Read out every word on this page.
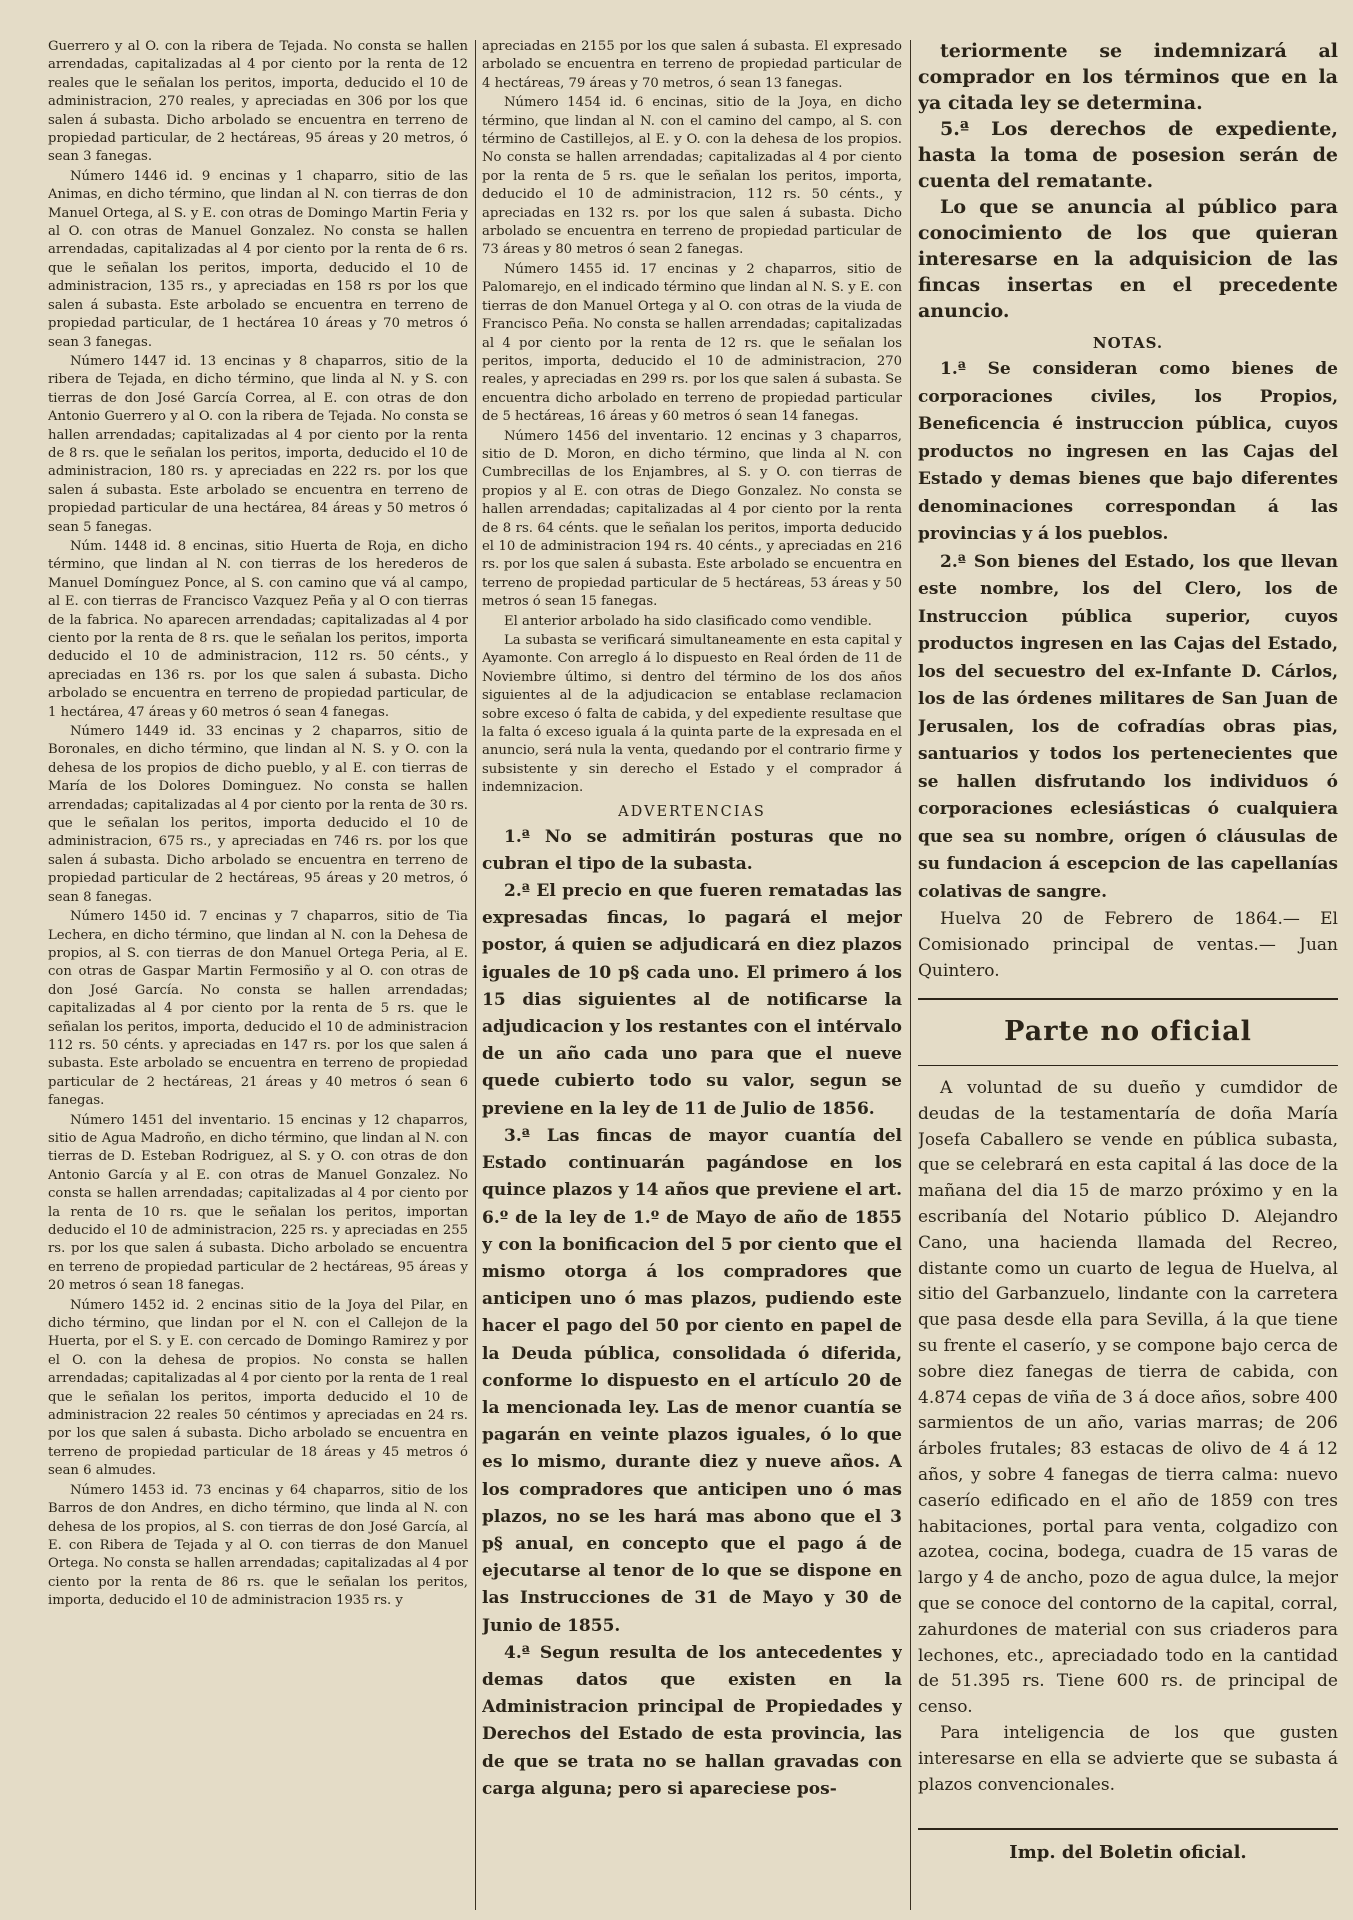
Guerrero y al O. con la ribera de Tejada. No consta se hallen arrendadas, capitalizadas al 4 por ciento por la renta de 12 reales que le señalan los peritos, importa, deducido el 10 de administracion, 270 reales, y apreciadas en 306 por los que salen á subasta. Dicho arbolado se encuentra en terreno de propiedad particular, de 2 hectáreas, 95 áreas y 20 metros, ó sean 3 fanegas.

Número 1446 id. 9 encinas y 1 chaparro, sitio de las Animas, en dicho término, que lindan al N. con tierras de don Manuel Ortega, al S. y E. con otras de Domingo Martin Feria y al O. con otras de Manuel Gonzalez. No consta se hallen arrendadas, capitalizadas al 4 por ciento por la renta de 6 rs. que le señalan los peritos, importa, deducido el 10 de administracion, 135 rs., y apreciadas en 158 rs por los que salen á subasta. Este arbolado se encuentra en terreno de propiedad particular, de 1 hectárea 10 áreas y 70 metros ó sean 3 fanegas.

Número 1447 id. 13 encinas y 8 chaparros, sitio de la ribera de Tejada, en dicho término, que linda al N. y S. con tierras de don José García Correa, al E. con otras de don Antonio Guerrero y al O. con la ribera de Tejada. No consta se hallen arrendadas; capitalizadas al 4 por ciento por la renta de 8 rs. que le señalan los peritos, importa, deducido el 10 de administracion, 180 rs. y apreciadas en 222 rs. por los que salen á subasta. Este arbolado se encuentra en terreno de propiedad particular de una hectárea, 84 áreas y 50 metros ó sean 5 fanegas.

Núm. 1448 id. 8 encinas, sitio Huerta de Roja, en dicho término, que lindan al N. con tierras de los herederos de Manuel Domínguez Ponce, al S. con camino que vá al campo, al E. con tierras de Francisco Vazquez Peña y al O con tierras de la fabrica. No aparecen arrendadas; capitalizadas al 4 por ciento por la renta de 8 rs. que le señalan los peritos, importa deducido el 10 de administracion, 112 rs. 50 cénts., y apreciadas en 136 rs. por los que salen á subasta. Dicho arbolado se encuentra en terreno de propiedad particular, de 1 hectárea, 47 áreas y 60 metros ó sean 4 fanegas.

Número 1449 id. 33 encinas y 2 chaparros, sitio de Boronales, en dicho término, que lindan al N. S. y O. con la dehesa de los propios de dicho pueblo, y al E. con tierras de María de los Dolores Dominguez. No consta se hallen arrendadas; capitalizadas al 4 por ciento por la renta de 30 rs. que le señalan los peritos, importa deducido el 10 de administracion, 675 rs., y apreciadas en 746 rs. por los que salen á subasta. Dicho arbolado se encuentra en terreno de propiedad particular de 2 hectáreas, 95 áreas y 20 metros, ó sean 8 fanegas.

Número 1450 id. 7 encinas y 7 chaparros, sitio de Tia Lechera, en dicho término, que lindan al N. con la Dehesa de propios, al S. con tierras de don Manuel Ortega Peria, al E. con otras de Gaspar Martin Fermosiño y al O. con otras de don José García. No consta se hallen arrendadas; capitalizadas al 4 por ciento por la renta de 5 rs. que le señalan los peritos, importa, deducido el 10 de administracion 112 rs. 50 cénts. y apreciadas en 147 rs. por los que salen á subasta. Este arbolado se encuentra en terreno de propiedad particular de 2 hectáreas, 21 áreas y 40 metros ó sean 6 fanegas.

Número 1451 del inventario. 15 encinas y 12 chaparros, sitio de Agua Madroño, en dicho término, que lindan al N. con tierras de D. Esteban Rodriguez, al S. y O. con otras de don Antonio García y al E. con otras de Manuel Gonzalez. No consta se hallen arrendadas; capitalizadas al 4 por ciento por la renta de 10 rs. que le señalan los peritos, importan deducido el 10 de administracion, 225 rs. y apreciadas en 255 rs. por los que salen á subasta. Dicho arbolado se encuentra en terreno de propiedad particular de 2 hectáreas, 95 áreas y 20 metros ó sean 18 fanegas.

Número 1452 id. 2 encinas sitio de la Joya del Pilar, en dicho término, que lindan por el N. con el Callejon de la Huerta, por el S. y E. con cercado de Domingo Ramirez y por el O. con la dehesa de propios. No consta se hallen arrendadas; capitalizadas al 4 por ciento por la renta de 1 real que le señalan los peritos, importa deducido el 10 de administracion 22 reales 50 céntimos y apreciadas en 24 rs. por los que salen á subasta. Dicho arbolado se encuentra en terreno de propiedad particular de 18 áreas y 45 metros ó sean 6 almudes.

Número 1453 id. 73 encinas y 64 chaparros, sitio de los Barros de don Andres, en dicho término, que linda al N. con dehesa de los propios, al S. con tierras de don José García, al E. con Ribera de Tejada y al O. con tierras de don Manuel Ortega. No consta se hallen arrendadas; capitalizadas al 4 por ciento por la renta de 86 rs. que le señalan los peritos, importa, deducido el 10 de administracion 1935 rs. y

apreciadas en 2155 por los que salen á subasta. El expresado arbolado se encuentra en terreno de propiedad particular de 4 hectáreas, 79 áreas y 70 metros, ó sean 13 fanegas.

Número 1454 id. 6 encinas, sitio de la Joya, en dicho término, que lindan al N. con el camino del campo, al S. con término de Castillejos, al E. y O. con la dehesa de los propios. No consta se hallen arrendadas; capitalizadas al 4 por ciento por la renta de 5 rs. que le señalan los peritos, importa, deducido el 10 de administracion, 112 rs. 50 cénts., y apreciadas en 132 rs. por los que salen á subasta. Dicho arbolado se encuentra en terreno de propiedad particular de 73 áreas y 80 metros ó sean 2 fanegas.

Número 1455 id. 17 encinas y 2 chaparros, sitio de Palomarejo, en el indicado término que lindan al N. S. y E. con tierras de don Manuel Ortega y al O. con otras de la viuda de Francisco Peña. No consta se hallen arrendadas; capitalizadas al 4 por ciento por la renta de 12 rs. que le señalan los peritos, importa, deducido el 10 de administracion, 270 reales, y apreciadas en 299 rs. por los que salen á subasta. Se encuentra dicho arbolado en terreno de propiedad particular de 5 hectáreas, 16 áreas y 60 metros ó sean 14 fanegas.

Número 1456 del inventario. 12 encinas y 3 chaparros, sitio de D. Moron, en dicho término, que linda al N. con Cumbrecillas de los Enjambres, al S. y O. con tierras de propios y al E. con otras de Diego Gonzalez. No consta se hallen arrendadas; capitalizadas al 4 por ciento por la renta de 8 rs. 64 cénts. que le señalan los peritos, importa deducido el 10 de administracion 194 rs. 40 cénts., y apreciadas en 216 rs. por los que salen á subasta. Este arbolado se encuentra en terreno de propiedad particular de 5 hectáreas, 53 áreas y 50 metros ó sean 15 fanegas.

El anterior arbolado ha sido clasificado como vendible.

La subasta se verificará simultaneamente en esta capital y Ayamonte. Con arreglo á lo dispuesto en Real órden de 11 de Noviembre último, si dentro del término de los dos años siguientes al de la adjudicacion se entablase reclamacion sobre exceso ó falta de cabida, y del expediente resultase que la falta ó exceso iguala á la quinta parte de la expresada en el anuncio, será nula la venta, quedando por el contrario firme y subsistente y sin derecho el Estado y el comprador á indemnizacion.

ADVERTENCIAS

1.ª No se admitirán posturas que no cubran el tipo de la subasta.

2.ª El precio en que fueren rematadas las expresadas fincas, lo pagará el mejor postor, á quien se adjudicará en diez plazos iguales de 10 p§ cada uno. El primero á los 15 dias siguientes al de notificarse la adjudicacion y los restantes con el intérvalo de un año cada uno para que el nueve quede cubierto todo su valor, segun se previene en la ley de 11 de Julio de 1856.

3.ª Las fincas de mayor cuantía del Estado continuarán pagándose en los quince plazos y 14 años que previene el art. 6.º de la ley de 1.º de Mayo de año de 1855 y con la bonificacion del 5 por ciento que el mismo otorga á los compradores que anticipen uno ó mas plazos, pudiendo este hacer el pago del 50 por ciento en papel de la Deuda pública, consolidada ó diferida, conforme lo dispuesto en el artículo 20 de la mencionada ley. Las de menor cuantía se pagarán en veinte plazos iguales, ó lo que es lo mismo, durante diez y nueve años. A los compradores que anticipen uno ó mas plazos, no se les hará mas abono que el 3 p§ anual, en concepto que el pago á de ejecutarse al tenor de lo que se dispone en las Instrucciones de 31 de Mayo y 30 de Junio de 1855.

4.ª Segun resulta de los antecedentes y demas datos que existen en la Administracion principal de Propiedades y Derechos del Estado de esta provincia, las de que se trata no se hallan gravadas con carga alguna; pero si apareciese pos-

teriormente se indemnizará al comprador en los términos que en la ya citada ley se determina.

5.ª Los derechos de expediente, hasta la toma de posesion serán de cuenta del rematante.

Lo que se anuncia al público para conocimiento de los que quieran interesarse en la adquisicion de las fincas insertas en el precedente anuncio.

NOTAS.

1.ª Se consideran como bienes de corporaciones civiles, los Propios, Beneficencia é instruccion pública, cuyos productos no ingresen en las Cajas del Estado y demas bienes que bajo diferentes denominaciones correspondan á las provincias y á los pueblos.

2.ª Son bienes del Estado, los que llevan este nombre, los del Clero, los de Instruccion pública superior, cuyos productos ingresen en las Cajas del Estado, los del secuestro del ex-Infante D. Cárlos, los de las órdenes militares de San Juan de Jerusalen, los de cofradías obras pias, santuarios y todos los pertenecientes que se hallen disfrutando los individuos ó corporaciones eclesiásticas ó cualquiera que sea su nombre, orígen ó cláusulas de su fundacion á escepcion de las capellanías colativas de sangre.

Huelva 20 de Febrero de 1864.— El Comisionado principal de ventas.— Juan Quintero.

Parte no oficial

A voluntad de su dueño y cumdidor de deudas de la testamentaría de doña María Josefa Caballero se vende en pública subasta, que se celebrará en esta capital á las doce de la mañana del dia 15 de marzo próximo y en la escribanía del Notario público D. Alejandro Cano, una hacienda llamada del Recreo, distante como un cuarto de legua de Huelva, al sitio del Garbanzuelo, lindante con la carretera que pasa desde ella para Sevilla, á la que tiene su frente el caserío, y se compone bajo cerca de sobre diez fanegas de tierra de cabida, con 4.874 cepas de viña de 3 á doce años, sobre 400 sarmientos de un año, varias marras; de 206 árboles frutales; 83 estacas de olivo de 4 á 12 años, y sobre 4 fanegas de tierra calma: nuevo caserío edificado en el año de 1859 con tres habitaciones, portal para venta, colgadizo con azotea, cocina, bodega, cuadra de 15 varas de largo y 4 de ancho, pozo de agua dulce, la mejor que se conoce del contorno de la capital, corral, zahurdones de material con sus criaderos para lechones, etc., apreciadado todo en la cantidad de 51.395 rs. Tiene 600 rs. de principal de censo.

Para inteligencia de los que gusten interesarse en ella se advierte que se subasta á plazos convencionales.

Imp. del Boletin oficial.
